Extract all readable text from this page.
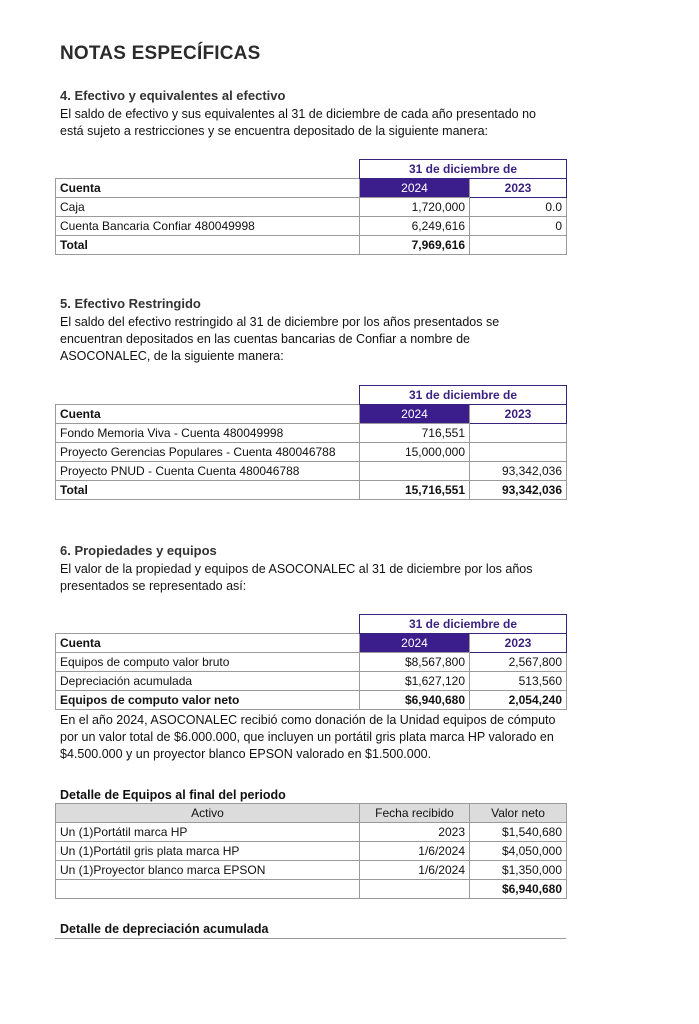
NOTAS ESPECÍFICAS
4. Efectivo y equivalentes al efectivo
El saldo de efectivo y sus equivalentes al 31 de diciembre de cada año presentado no está sujeto a restricciones y se encuentra depositado de la siguiente manera:
	31 de diciembre de	
Cuenta	2024	2023
Caja	1,720,000	0.0
Cuenta Bancaria Confiar 480049998	6,249,616	0
Total	7,969,616	
5. Efectivo Restringido
El saldo del efectivo restringido al 31 de diciembre por los años presentados se encuentran depositados en las cuentas bancarias de Confiar a nombre de ASOCONALEC, de la siguiente manera:
	31 de diciembre de	
Cuenta	2024	2023
Fondo Memoria Viva - Cuenta 480049998	716,551	
Proyecto Gerencias Populares - Cuenta 480046788	15,000,000	
Proyecto PNUD - Cuenta Cuenta 480046788		93,342,036
Total	15,716,551	93,342,036
6. Propiedades y equipos
El valor de la propiedad y equipos de ASOCONALEC al 31 de diciembre por los años presentados se representado así:
	31 de diciembre de	
Cuenta	2024	2023
Equipos de computo valor bruto	$8,567,800	2,567,800
Depreciación acumulada	$1,627,120	513,560
Equipos de computo valor neto	$6,940,680	2,054,240
En el año 2024, ASOCONALEC recibió como donación de la Unidad equipos de cómputo por un valor total de $6.000.000, que incluyen un portátil gris plata marca HP valorado en $4.500.000 y un proyector blanco EPSON valorado en $1.500.000.
Detalle de Equipos al final del periodo
Activo	Fecha recibido	Valor neto
Un (1)Portátil marca HP	2023	$1,540,680
Un (1)Portátil gris plata marca HP	1/6/2024	$4,050,000
Un (1)Proyector blanco marca EPSON	1/6/2024	$1,350,000
		$6,940,680
Detalle de depreciación acumulada
